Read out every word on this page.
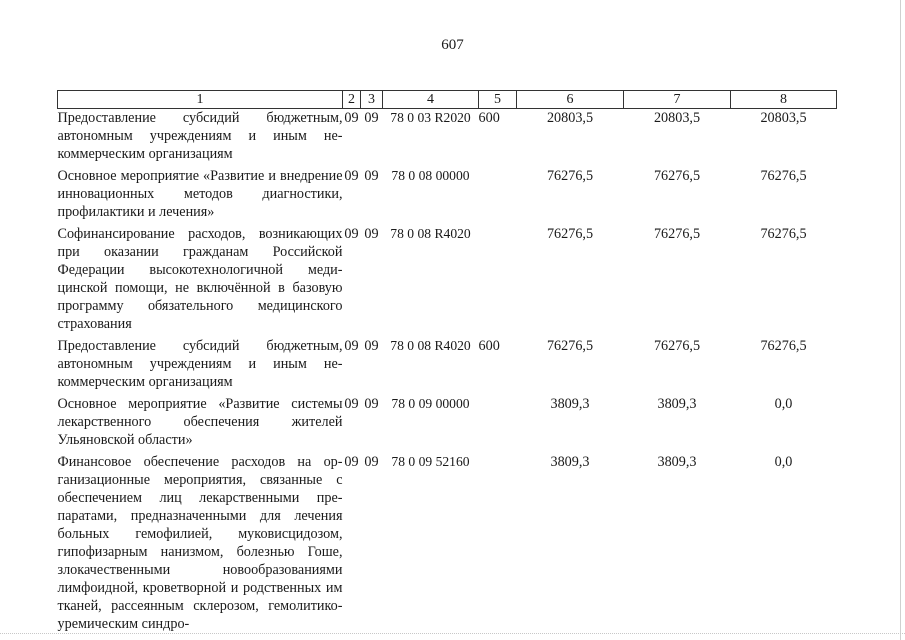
607
1	2	3	4	5	6	7	8
Предоставление субсидий бюджетным, автономным учреждениям и иным некоммерческим организациям	09	09	78 0 03 R2020	600	20803,5	20803,5	20803,5
Основное мероприятие «Развитие и внедрение инновационных методов диагностики, профилактики и лечения»	09	09	78 0 08 00000		76276,5	76276,5	76276,5
Софинансирование расходов, возникающих при оказании гражданам Российской Федерации высокотехнологичной медицинской помощи, не включённой в базовую программу обязательного медицинского страхования	09	09	78 0 08 R4020		76276,5	76276,5	76276,5
Предоставление субсидий бюджетным, автономным учреждениям и иным некоммерческим организациям	09	09	78 0 08 R4020	600	76276,5	76276,5	76276,5
Основное мероприятие «Развитие системы лекарственного обеспечения жителей Ульяновской области»	09	09	78 0 09 00000		3809,3	3809,3	0,0
Финансовое обеспечение расходов на организационные мероприятия, связанные с обеспечением лиц лекарственными препаратами, предназначенными для лечения больных гемофилией, муковисцидозом, гипофизарным нанизмом, болезнью Гоше, злокачественными новообразованиями лимфоидной, кроветворной и родственных им тканей, рассеянным склерозом, гемолитико-уремическим синдро-	09	09	78 0 09 52160		3809,3	3809,3	0,0
